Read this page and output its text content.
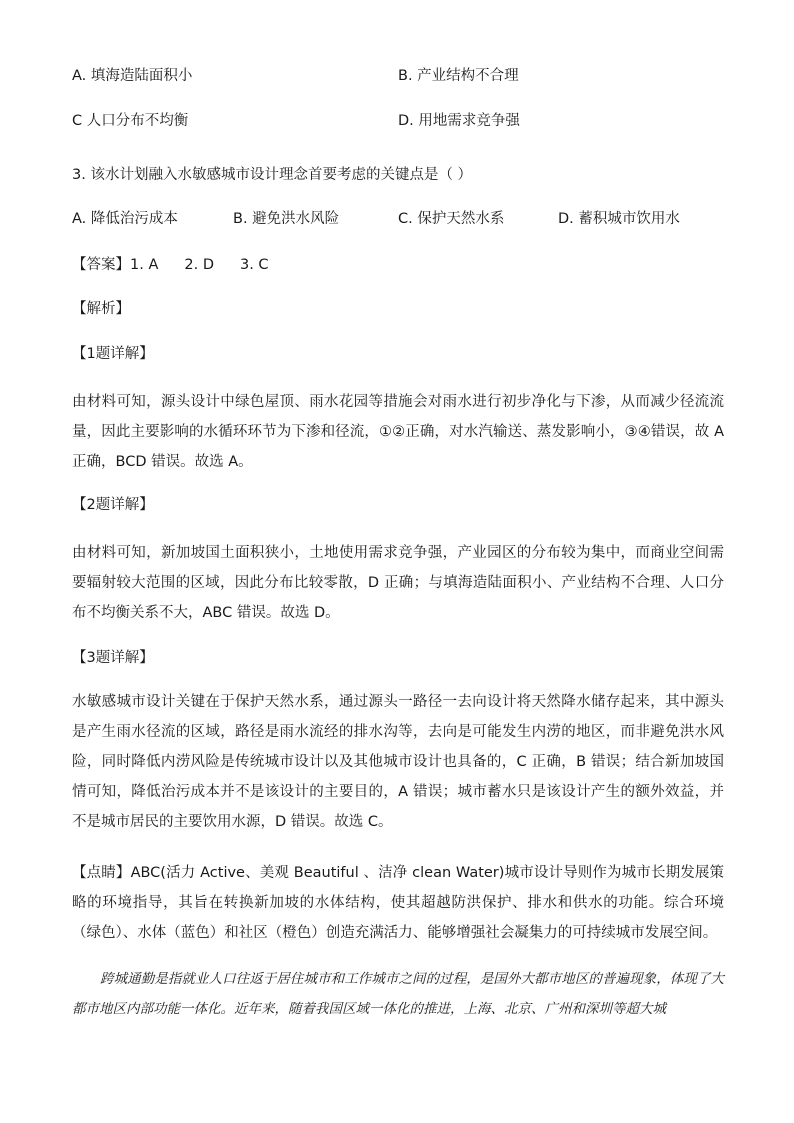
A. 填海造陆面积小	B. 产业结构不合理
C 人口分布不均衡	D. 用地需求竞争强
3. 该水计划融入水敏感城市设计理念首要考虑的关键点是（ ）
A. 降低治污成本	B. 避免洪水风险	C. 保护天然水系	D. 蓄积城市饮用水
【答案】1. A 2. D 3. C
【解析】
【1题详解】
由材料可知，源头设计中绿色屋顶、雨水花园等措施会对雨水进行初步净化与下渗，从而减少径流流量，因此主要影响的水循环环节为下渗和径流，①②正确，对水汽输送、蒸发影响小，③④错误，故 A 正确，BCD 错误。故选 A。
【2题详解】
由材料可知，新加坡国土面积狭小，土地使用需求竞争强，产业园区的分布较为集中，而商业空间需要辐射较大范围的区域，因此分布比较零散，D 正确；与填海造陆面积小、产业结构不合理、人口分布不均衡关系不大，ABC 错误。故选 D。
【3题详解】
水敏感城市设计关键在于保护天然水系，通过源头一路径一去向设计将天然降水储存起来，其中源头是产生雨水径流的区域，路径是雨水流经的排水沟等，去向是可能发生内涝的地区，而非避免洪水风险，同时降低内涝风险是传统城市设计以及其他城市设计也具备的，C 正确，B 错误；结合新加坡国情可知，降低治污成本并不是该设计的主要目的，A 错误；城市蓄水只是该设计产生的额外效益，并不是城市居民的主要饮用水源，D 错误。故选 C。
【点睛】ABC(活力 Active、美观 Beautiful 、洁净 clean Water)城市设计导则作为城市长期发展策略的环境指导，其旨在转换新加坡的水体结构，使其超越防洪保护、排水和供水的功能。综合环境（绿色）、水体（蓝色）和社区（橙色）创造充满活力、能够增强社会凝集力的可持续城市发展空间。
跨城通勤是指就业人口往返于居住城市和工作城市之间的过程，是国外大都市地区的普遍现象，体现了大都市地区内部功能一体化。近年来，随着我国区域一体化的推进，上海、北京、广州和深圳等超大城
